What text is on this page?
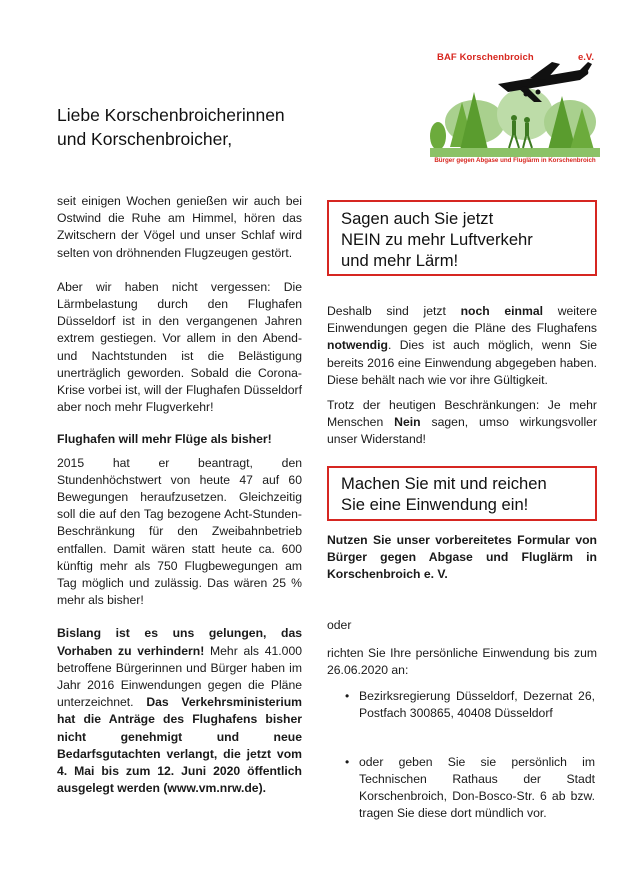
Liebe Korschenbroicherinnen
und Korschenbroicher,
BAF Korschenbroich	e.V.
Bürger gegen Abgase und Fluglärm in Korschenbroich

seit einigen Wochen genießen wir auch bei Ostwind die Ruhe am Himmel, hören das Zwitschern der Vögel und unser Schlaf wird selten von dröhnenden Flugzeugen gestört.

Aber wir haben nicht vergessen: Die Lärmbelastung durch den Flughafen Düsseldorf ist in den vergangenen Jahren extrem gestiegen. Vor allem in den Abend- und Nachtstunden ist die Belästigung unerträglich geworden. Sobald die Corona-Krise vorbei ist, will der Flughafen Düsseldorf aber noch mehr Flugverkehr!

Flughafen will mehr Flüge als bisher!

2015 hat er beantragt, den Stundenhöchstwert von heute 47 auf 60 Bewegungen heraufzusetzen. Gleichzeitig soll die auf den Tag bezogene Acht-Stunden-Beschränkung für den Zweibahnbetrieb entfallen. Damit wären statt heute ca. 600 künftig mehr als 750 Flugbewegungen am Tag möglich und zulässig. Das wären 25 % mehr als bisher!

Bislang ist es uns gelungen, das Vorhaben zu verhindern! Mehr als 41.000 betroffene Bürgerinnen und Bürger haben im Jahr 2016 Einwendungen gegen die Pläne unterzeichnet. Das Verkehrsministerium hat die Anträge des Flughafens bisher nicht genehmigt und neue Bedarfsgutachten verlangt, die jetzt vom 4. Mai bis zum 12. Juni 2020 öffentlich ausgelegt werden (www.vm.nrw.de).

Sagen auch Sie jetzt
NEIN zu mehr Luftverkehr
und mehr Lärm!

Deshalb sind jetzt noch einmal weitere Einwendungen gegen die Pläne des Flughafens notwendig. Dies ist auch möglich, wenn Sie bereits 2016 eine Einwendung abgegeben haben. Diese behält nach wie vor ihre Gültigkeit.

Trotz der heutigen Beschränkungen: Je mehr Menschen Nein sagen, umso wirkungsvoller unser Widerstand!

Machen Sie mit und reichen
Sie eine Einwendung ein!

Nutzen Sie unser vorbereitetes Formular von Bürger gegen Abgase und Fluglärm in Korschenbroich e. V.

oder

richten Sie Ihre persönliche Einwendung bis zum 26.06.2020 an:

• Bezirksregierung Düsseldorf, Dezernat 26, Postfach 300865, 40408 Düsseldorf
• oder geben Sie sie persönlich im Technischen Rathaus der Stadt Korschenbroich, Don-Bosco-Str. 6 ab bzw. tragen Sie diese dort mündlich vor.
